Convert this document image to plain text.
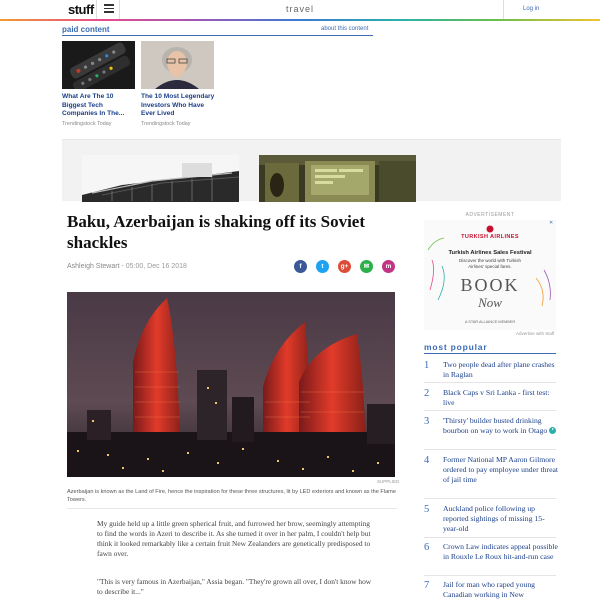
stuff	travel	Log in
paid content	about this content
What Are The 10 Biggest Tech Companies In The...
Trendingstock Today
The 10 Most Legendary Investors Who Have Ever Lived
Trendingstock Today
Baku, Azerbaijan is shaking off its Soviet shackles
Ashleigh Stewart - 05:00, Dec 16 2018	f	t	g+	✉	m
SUPPLIED
Azerbaijan is known as the Land of Fire, hence the inspiration for these three structures, lit by LED exteriors and known as the Flame Towers.

My guide held up a little green spherical fruit, and furrowed her brow, seemingly attempting to find the words in Azeri to describe it. As she turned it over in her palm, I couldn't help but think it looked remarkably like a certain fruit New Zealanders are genetically predisposed to fawn over.

"This is very famous in Azerbaijan," Assia began. "They're grown all over, I don't know how to describe it..."

ADVERTISEMENT
TURKISH AIRLINES
Turkish Airlines Sales Festival
Discover the world with Turkish Airlines' special fares.
BOOK
Now
A STAR ALLIANCE MEMBER
✕
Advertise with Stuff
most popular
1 Two people dead after plane crashes in Raglan
2 Black Caps v Sri Lanka - first test: live
3 'Thirsty' builder busted drinking bourbon on way to work in Otago
4 Former National MP Aaron Gilmore ordered to pay employee under threat of jail time
5 Auckland police following up reported sightings of missing 15-year-old
6 Crown Law indicates appeal possible in Rouxle Le Roux hit-and-run case
7 Jail for man who raped young Canadian working in New
